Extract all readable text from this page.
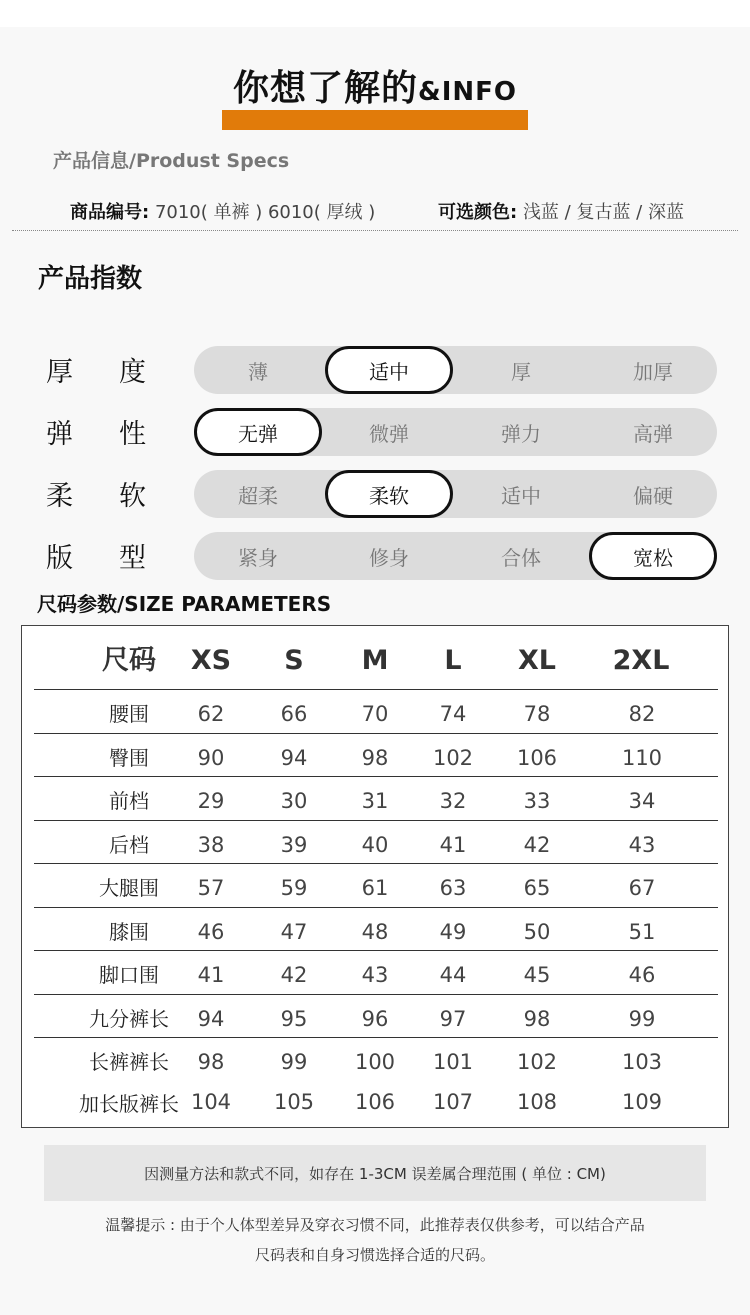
你想了解的&INFO
产品信息/Produst Specs
商品编号: 7010( 单裤 ) 6010( 厚绒 )	可选颜色: 浅蓝 / 复古蓝 / 深蓝
产品指数
厚 度	薄	适中	厚	加厚
弹 性	无弹	微弹	弹力	高弹
柔 软	超柔	柔软	适中	偏硬
版 型	紧身	修身	合体	宽松
尺码参数/SIZE PARAMETERS
尺码 XS S M L XL 2XL
腰围 62	66	70 74	78	82
臀围 90	94	98 102 106	110
前档 29	30	31 32	33	34
后档 38	39	40 41	42	43
大腿围 57	59	61 63	65	67
膝围 46	47	48 49	50	51
脚口围 41	42	43 44	45	46
九分裤长 94	95	96 97	98	99
长裤裤长 98	99 100 101 102	103
加长版裤长 104 105 106 107 108	109
因测量方法和款式不同，如存在 1-3CM 误差属合理范围 ( 单位 : CM)
温馨提示 : 由于个人体型差异及穿衣习惯不同，此推荐表仅供参考，可以结合产品
尺码表和自身习惯选择合适的尺码。
